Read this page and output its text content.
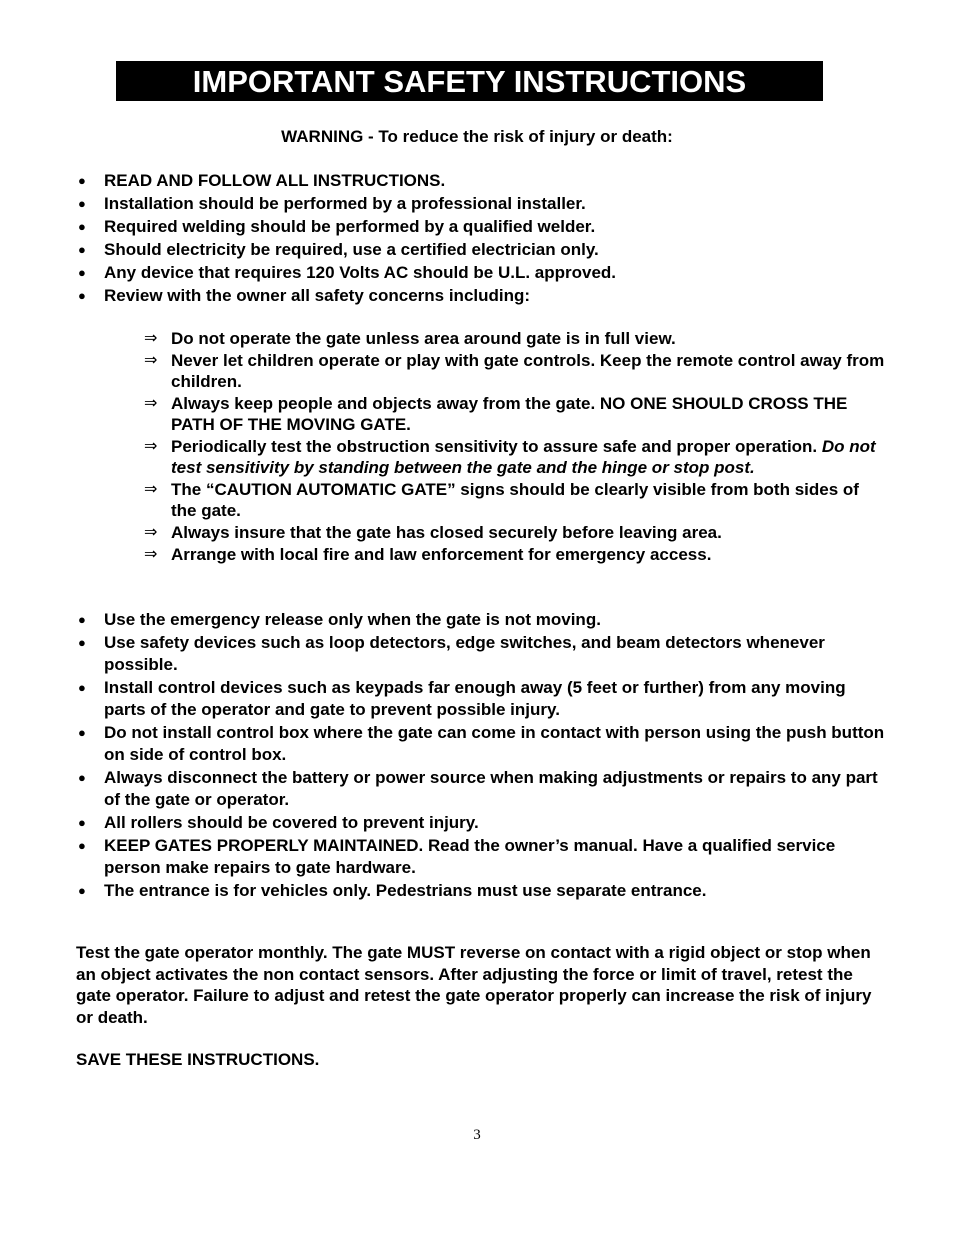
IMPORTANT SAFETY INSTRUCTIONS
WARNING - To reduce the risk of injury or death:
● READ AND FOLLOW ALL INSTRUCTIONS.
● Installation should be performed by a professional installer.
● Required welding should be performed by a qualified welder.
● Should electricity be required, use a certified electrician only.
● Any device that requires 120 Volts AC should be U.L. approved.
● Review with the owner all safety concerns including:
⇒ Do not operate the gate unless area around gate is in full view.
⇒ Never let children operate or play with gate controls. Keep the remote control away from children.
⇒ Always keep people and objects away from the gate. NO ONE SHOULD CROSS THE PATH OF THE MOVING GATE.
⇒ Periodically test the obstruction sensitivity to assure safe and proper operation. Do not test sensitivity by standing between the gate and the hinge or stop post.
⇒ The “CAUTION AUTOMATIC GATE” signs should be clearly visible from both sides of the gate.
⇒ Always insure that the gate has closed securely before leaving area.
⇒ Arrange with local fire and law enforcement for emergency access.
● Use the emergency release only when the gate is not moving.
● Use safety devices such as loop detectors, edge switches, and beam detectors whenever possible.
● Install control devices such as keypads far enough away (5 feet or further) from any moving parts of the operator and gate to prevent possible injury.
● Do not install control box where the gate can come in contact with person using the push button on side of control box.
● Always disconnect the battery or power source when making adjustments or repairs to any part of the gate or operator.
● All rollers should be covered to prevent injury.
● KEEP GATES PROPERLY MAINTAINED. Read the owner’s manual. Have a qualified service person make repairs to gate hardware.
● The entrance is for vehicles only. Pedestrians must use separate entrance.

Test the gate operator monthly. The gate MUST reverse on contact with a rigid object or stop when an object activates the non contact sensors. After adjusting the force or limit of travel, retest the gate operator. Failure to adjust and retest the gate operator properly can increase the risk of injury or death.

SAVE THESE INSTRUCTIONS.

3
